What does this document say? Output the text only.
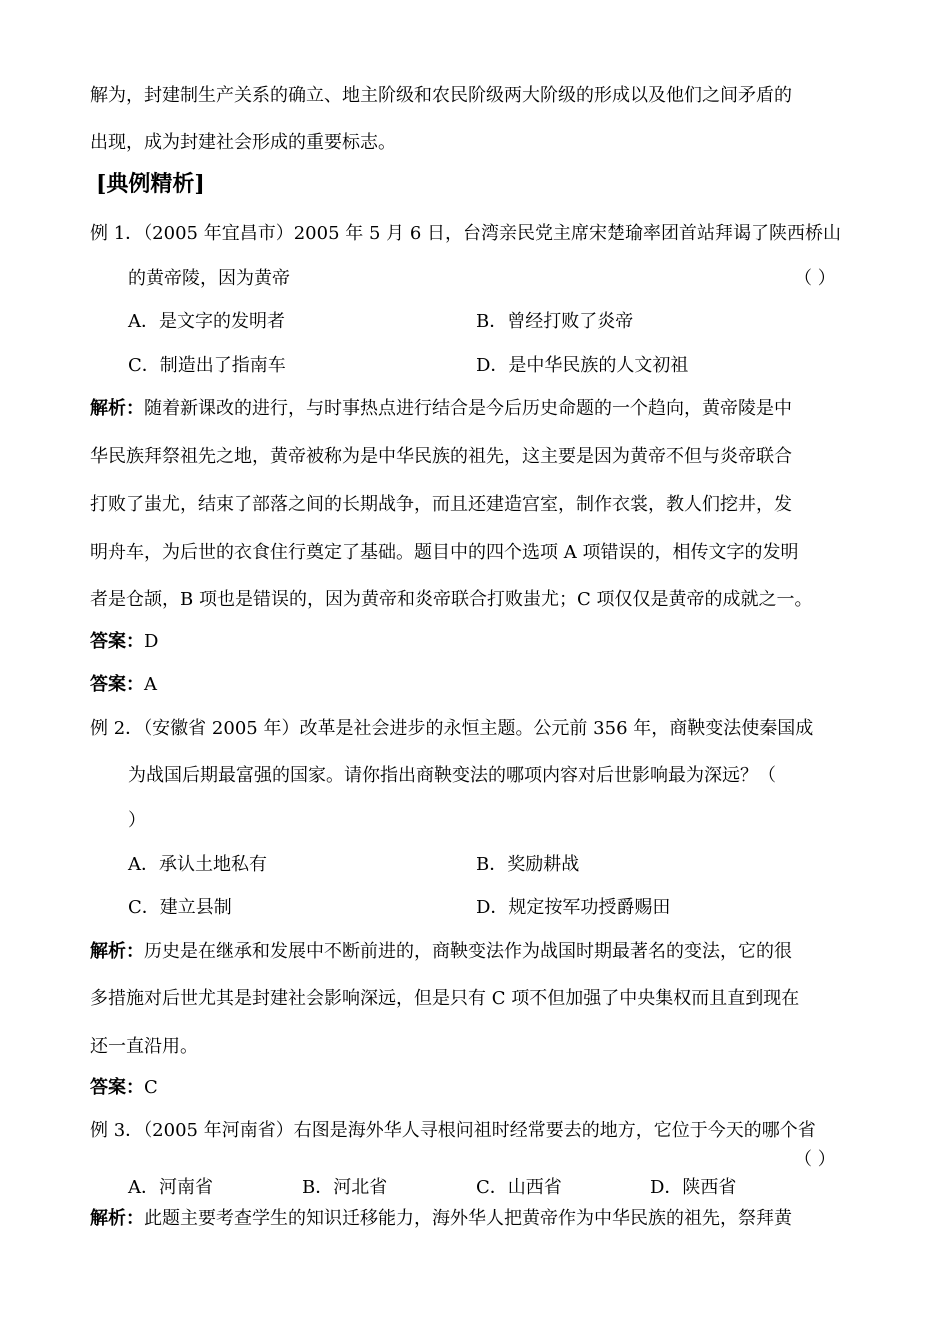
解为，封建制生产关系的确立、地主阶级和农民阶级两大阶级的形成以及他们之间矛盾的
出现，成为封建社会形成的重要标志。
[典例精析]
例 1．（2005 年宜昌市）2005 年 5 月 6 日，台湾亲民党主席宋楚瑜率团首站拜谒了陕西桥山
的黄帝陵，因为黄帝	（ ）
A．是文字的发明者	B．曾经打败了炎帝
C．制造出了指南车	D．是中华民族的人文初祖
解析：随着新课改的进行，与时事热点进行结合是今后历史命题的一个趋向，黄帝陵是中
华民族拜祭祖先之地，黄帝被称为是中华民族的祖先，这主要是因为黄帝不但与炎帝联合
打败了蚩尤，结束了部落之间的长期战争，而且还建造宫室，制作衣裳，教人们挖井，发
明舟车，为后世的衣食住行奠定了基础。题目中的四个选项 A 项错误的，相传文字的发明
者是仓颉，B 项也是错误的，因为黄帝和炎帝联合打败蚩尤；C 项仅仅是黄帝的成就之一。
答案：D
答案：A
例 2．（安徽省 2005 年）改革是社会进步的永恒主题。公元前 356 年，商鞅变法使秦国成
为战国后期最富强的国家。请你指出商鞅变法的哪项内容对后世影响最为深远？（
）
A．承认土地私有	B．奖励耕战
C．建立县制	D．规定按军功授爵赐田
解析：历史是在继承和发展中不断前进的，商鞅变法作为战国时期最著名的变法，它的很
多措施对后世尤其是封建社会影响深远，但是只有 C 项不但加强了中央集权而且直到现在
还一直沿用。
答案：C
例 3．（2005 年河南省）右图是海外华人寻根问祖时经常要去的地方，它位于今天的哪个省
（ ）
A．河南省	B．河北省	C．山西省	D．陕西省
解析：此题主要考查学生的知识迁移能力，海外华人把黄帝作为中华民族的祖先，祭拜黄
